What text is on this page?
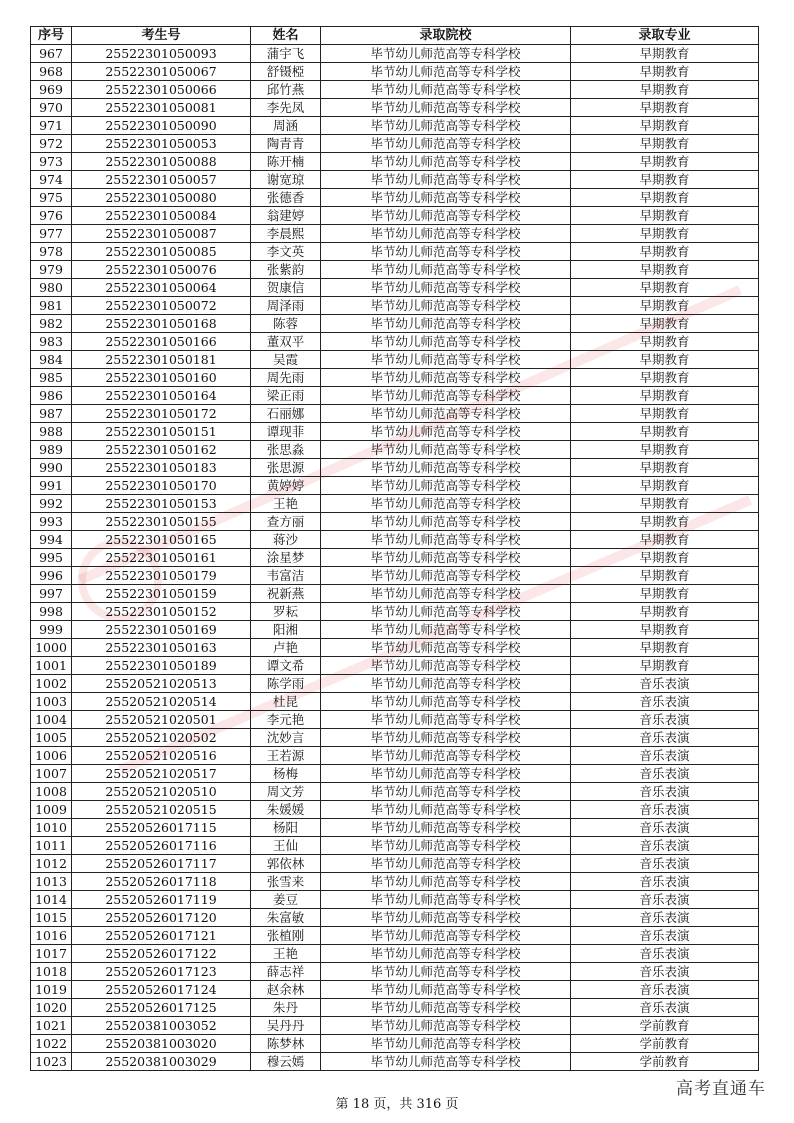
序号	考生号	姓名	录取院校	录取专业
967	25522301050093	蒲宇飞	毕节幼儿师范高等专科学校	早期教育
968	25522301050067	舒镊椏	毕节幼儿师范高等专科学校	早期教育
969	25522301050066	邱竹燕	毕节幼儿师范高等专科学校	早期教育
970	25522301050081	李先凤	毕节幼儿师范高等专科学校	早期教育
971	25522301050090	周涵	毕节幼儿师范高等专科学校	早期教育
972	25522301050053	陶青青	毕节幼儿师范高等专科学校	早期教育
973	25522301050088	陈开楠	毕节幼儿师范高等专科学校	早期教育
974	25522301050057	谢宽琼	毕节幼儿师范高等专科学校	早期教育
975	25522301050080	张德香	毕节幼儿师范高等专科学校	早期教育
976	25522301050084	翁建婷	毕节幼儿师范高等专科学校	早期教育
977	25522301050087	李晨熙	毕节幼儿师范高等专科学校	早期教育
978	25522301050085	李文英	毕节幼儿师范高等专科学校	早期教育
979	25522301050076	张紫韵	毕节幼儿师范高等专科学校	早期教育
980	25522301050064	贺康信	毕节幼儿师范高等专科学校	早期教育
981	25522301050072	周泽雨	毕节幼儿师范高等专科学校	早期教育
982	25522301050168	陈蓉	毕节幼儿师范高等专科学校	早期教育
983	25522301050166	董双平	毕节幼儿师范高等专科学校	早期教育
984	25522301050181	吴霞	毕节幼儿师范高等专科学校	早期教育
985	25522301050160	周先雨	毕节幼儿师范高等专科学校	早期教育
986	25522301050164	梁正雨	毕节幼儿师范高等专科学校	早期教育
987	25522301050172	石丽娜	毕节幼儿师范高等专科学校	早期教育
988	25522301050151	谭现菲	毕节幼儿师范高等专科学校	早期教育
989	25522301050162	张思淼	毕节幼儿师范高等专科学校	早期教育
990	25522301050183	张思源	毕节幼儿师范高等专科学校	早期教育
991	25522301050170	黄婷婷	毕节幼儿师范高等专科学校	早期教育
992	25522301050153	王艳	毕节幼儿师范高等专科学校	早期教育
993	25522301050155	查方丽	毕节幼儿师范高等专科学校	早期教育
994	25522301050165	蒋沙	毕节幼儿师范高等专科学校	早期教育
995	25522301050161	涂星梦	毕节幼儿师范高等专科学校	早期教育
996	25522301050179	韦富洁	毕节幼儿师范高等专科学校	早期教育
997	25522301050159	祝新燕	毕节幼儿师范高等专科学校	早期教育
998	25522301050152	罗耘	毕节幼儿师范高等专科学校	早期教育
999	25522301050169	阳湘	毕节幼儿师范高等专科学校	早期教育
1000	25522301050163	卢艳	毕节幼儿师范高等专科学校	早期教育
1001	25522301050189	谭文希	毕节幼儿师范高等专科学校	早期教育
1002	25520521020513	陈学雨	毕节幼儿师范高等专科学校	音乐表演
1003	25520521020514	杜昆	毕节幼儿师范高等专科学校	音乐表演
1004	25520521020501	李元艳	毕节幼儿师范高等专科学校	音乐表演
1005	25520521020502	沈妙言	毕节幼儿师范高等专科学校	音乐表演
1006	25520521020516	王若源	毕节幼儿师范高等专科学校	音乐表演
1007	25520521020517	杨梅	毕节幼儿师范高等专科学校	音乐表演
1008	25520521020510	周文芳	毕节幼儿师范高等专科学校	音乐表演
1009	25520521020515	朱媛媛	毕节幼儿师范高等专科学校	音乐表演
1010	25520526017115	杨阳	毕节幼儿师范高等专科学校	音乐表演
1011	25520526017116	王仙	毕节幼儿师范高等专科学校	音乐表演
1012	25520526017117	郭依林	毕节幼儿师范高等专科学校	音乐表演
1013	25520526017118	张雪来	毕节幼儿师范高等专科学校	音乐表演
1014	25520526017119	姜豆	毕节幼儿师范高等专科学校	音乐表演
1015	25520526017120	朱富敏	毕节幼儿师范高等专科学校	音乐表演
1016	25520526017121	张植刚	毕节幼儿师范高等专科学校	音乐表演
1017	25520526017122	王艳	毕节幼儿师范高等专科学校	音乐表演
1018	25520526017123	薛志祥	毕节幼儿师范高等专科学校	音乐表演
1019	25520526017124	赵余林	毕节幼儿师范高等专科学校	音乐表演
1020	25520526017125	朱丹	毕节幼儿师范高等专科学校	音乐表演
1021	25520381003052	吴丹丹	毕节幼儿师范高等专科学校	学前教育
1022	25520381003020	陈梦林	毕节幼儿师范高等专科学校	学前教育
1023	25520381003029	穆云嫣	毕节幼儿师范高等专科学校	学前教育
第 18 页，共 316 页
高考直通车
